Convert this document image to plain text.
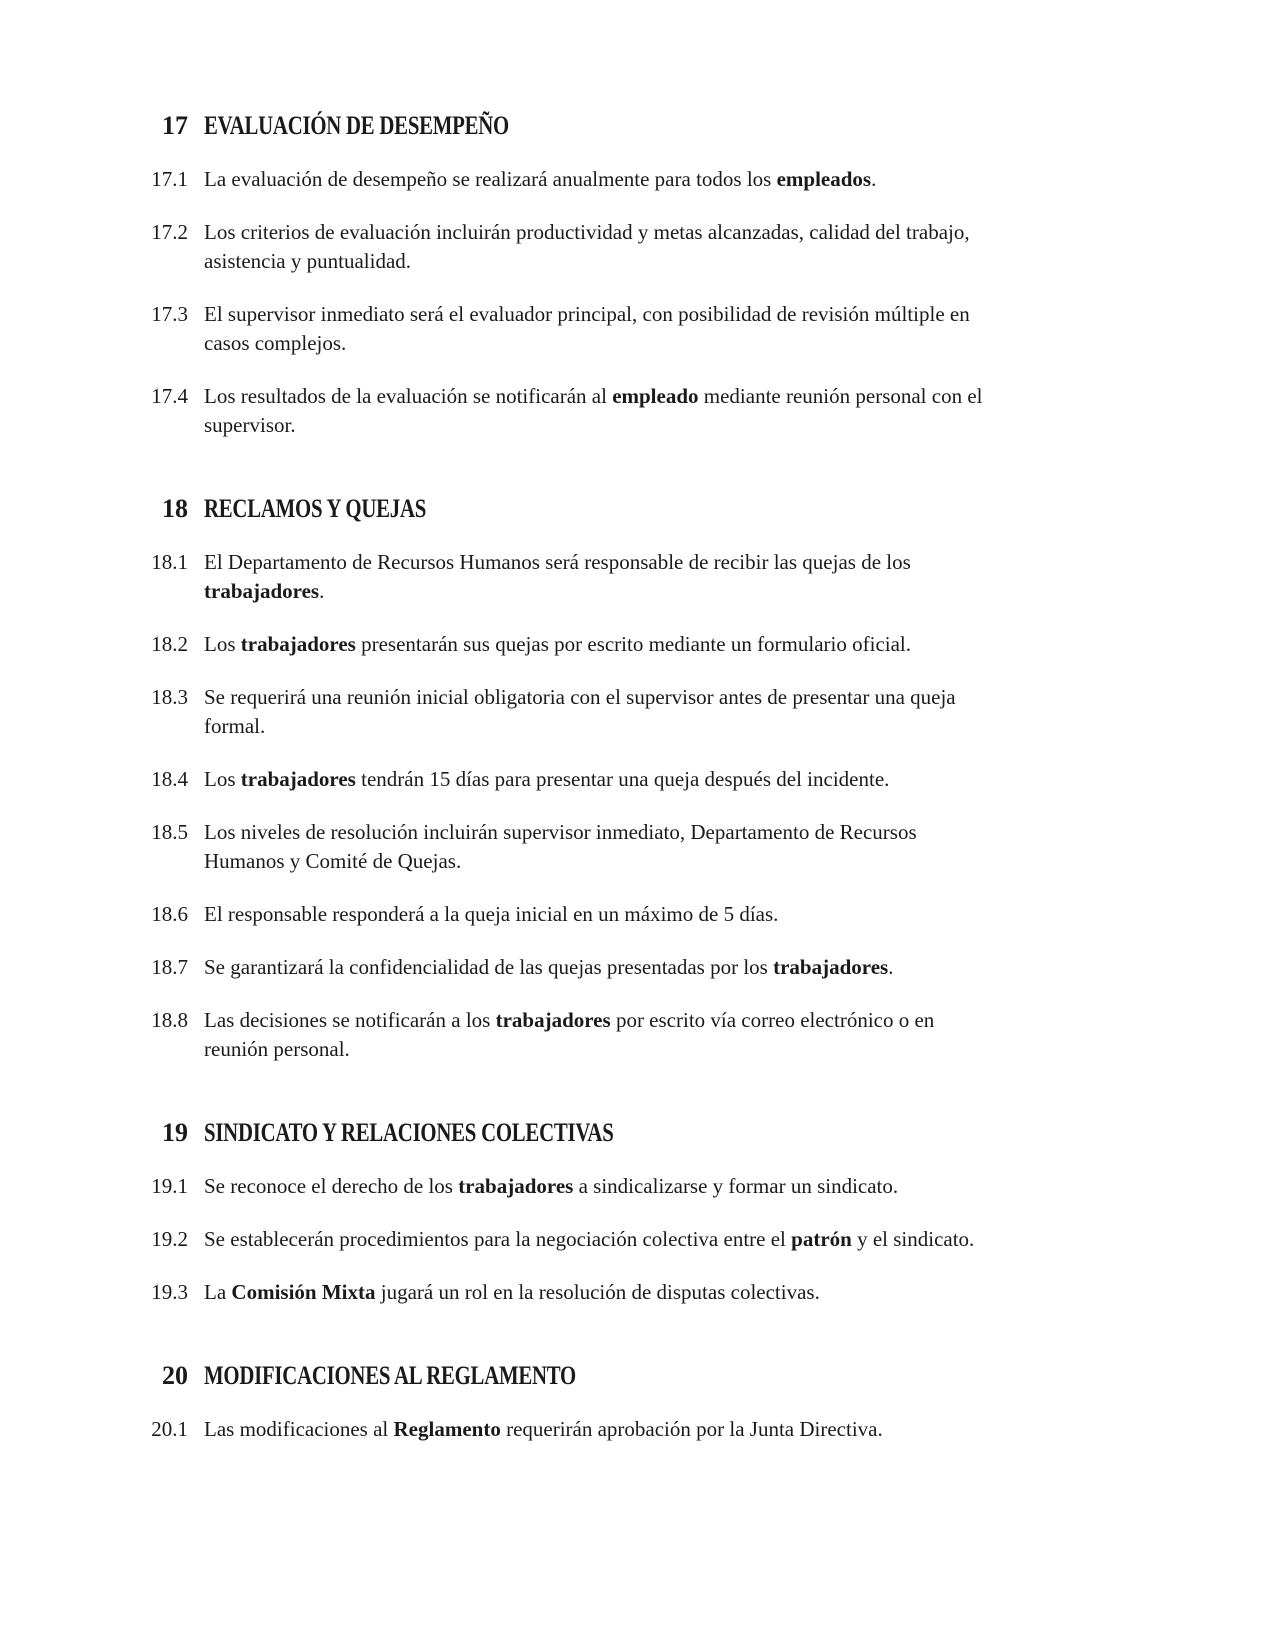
17 EVALUACIÓN DE DESEMPEÑO
17.1 La evaluación de desempeño se realizará anualmente para todos los empleados.
17.2 Los criterios de evaluación incluirán productividad y metas alcanzadas, calidad del trabajo,
asistencia y puntualidad.
17.3 El supervisor inmediato será el evaluador principal, con posibilidad de revisión múltiple en
casos complejos.
17.4 Los resultados de la evaluación se notificarán al empleado mediante reunión personal con el
supervisor.
18 RECLAMOS Y QUEJAS
18.1 El Departamento de Recursos Humanos será responsable de recibir las quejas de los
trabajadores.
18.2 Los trabajadores presentarán sus quejas por escrito mediante un formulario oficial.
18.3 Se requerirá una reunión inicial obligatoria con el supervisor antes de presentar una queja
formal.
18.4 Los trabajadores tendrán 15 días para presentar una queja después del incidente.
18.5 Los niveles de resolución incluirán supervisor inmediato, Departamento de Recursos
Humanos y Comité de Quejas.
18.6 El responsable responderá a la queja inicial en un máximo de 5 días.
18.7 Se garantizará la confidencialidad de las quejas presentadas por los trabajadores.
18.8 Las decisiones se notificarán a los trabajadores por escrito vía correo electrónico o en
reunión personal.
19 SINDICATO Y RELACIONES COLECTIVAS
19.1 Se reconoce el derecho de los trabajadores a sindicalizarse y formar un sindicato.
19.2 Se establecerán procedimientos para la negociación colectiva entre el patrón y el sindicato.
19.3 La Comisión Mixta jugará un rol en la resolución de disputas colectivas.
20 MODIFICACIONES AL REGLAMENTO
20.1 Las modificaciones al Reglamento requerirán aprobación por la Junta Directiva.
